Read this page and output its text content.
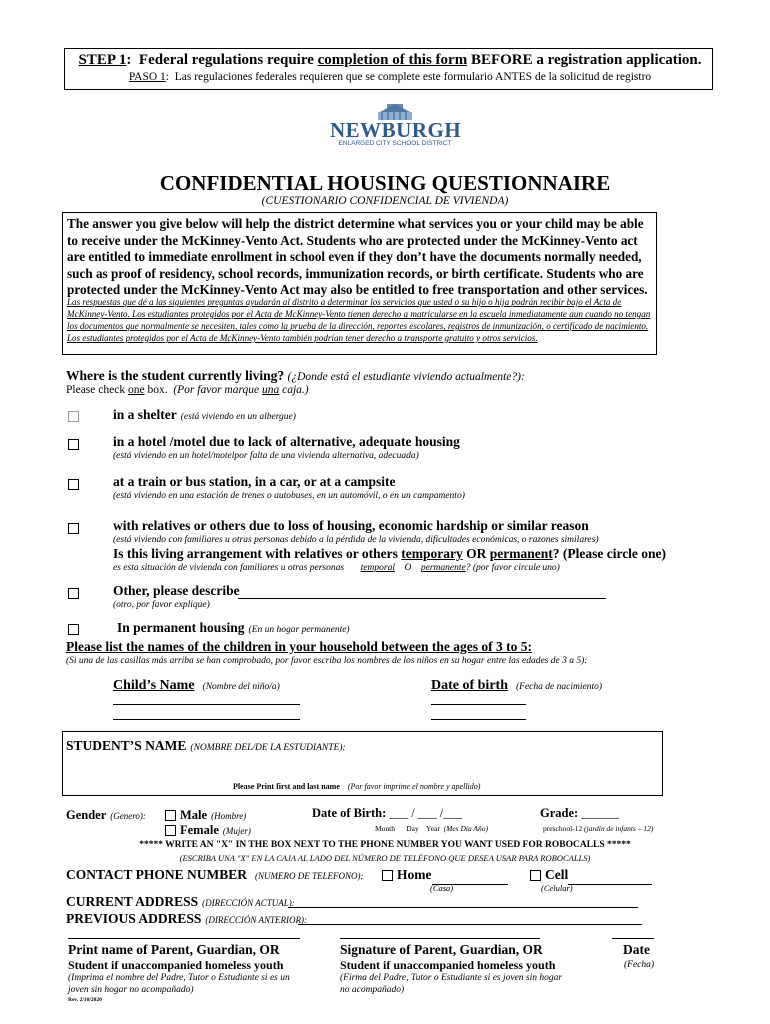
STEP 1:  Federal regulations require completion of this form BEFORE a registration application.
PASO 1:  Las regulaciones federales requieren que se complete este formulario ANTES de la solicitud de registro
NEWBURGH
ENLARGED CITY SCHOOL DISTRICT
CONFIDENTIAL HOUSING QUESTIONNAIRE
(CUESTIONARIO CONFIDENCIAL DE VIVIENDA)
The answer you give below will help the district determine what services you or your child may be able to receive under the McKinney-Vento Act. Students who are protected under the McKinney-Vento act are entitled to immediate enrollment in school even if they don’t have the documents normally needed, such as proof of residency, school records, immunization records, or birth certificate. Students who are protected under the McKinney-Vento Act may also be entitled to free transportation and other services.
Las respuestas que dé a las siguientes preguntas ayudarán al distrito a determinar los servicios que usted o su hijo o hija podrán recibir bajo el Acta de McKinney-Vento. Los estudiantes protegidos por el Acta de McKinney-Vento tienen derecho a matricularse en la escuela inmediatamente aun cuando no tengan los documentos que normalmente se necesiten, tales como la prueba de la dirección, reportes escolares, registros de inmunización, o certificado de nacimiento. Los estudiantes protegidos por el Acta de McKinney-Vento también podrían tener derecho a transporte gratuito y otros servicios.
Where is the student currently living? (¿Donde está el estudiante viviendo actualmente?):
Please check one box. (Por favor marque una caja.)
in a shelter (está viviendo en un albergue)
in a hotel /motel due to lack of alternative, adequate housing
(está viviendo en un hotel/motelpor falta de una vivienda alternativa, adecuada)
at a train or bus station, in a car, or at a campsite
(está viviendo en una estación de trenes o autobuses, en un automóvil, o en un campamento)
with relatives or others due to loss of housing, economic hardship or similar reason
(está viviendo con familiares u otras personas debido a la pérdida de la vivienda, dificultades económicas, o razones similares)
Is this living arrangement with relatives or others temporary OR permanent? (Please circle one)
es esta situación de vivienda con familiares u otras personas temporal O permanente? (por favor circule uno)
Other, please describe
(otro, por favor explique)
In permanent housing (En un hogar permanente)
Please list the names of the children in your household between the ages of 3 to 5:
(Si una de las casillas más arriba se han comprobado, por favor escriba los nombres de los niños en su hogar entre las edades de 3 a 5):
Child’s Name (Nombre del niño/a)	Date of birth (Fecha de nacimiento)
STUDENT’S NAME (NOMBRE DEL/DE LA ESTUDIANTE):
Please Print first and last name (Por favor imprime el nombre y apellido)
Gender (Genero):	Male (Hombre)
Female (Mujer)
Date of Birth: ___ / ___ /___
Month Day Year (Mes Día Año)
Grade: ______
preschool-12 (jardín de infants – 12)
***** WRITE AN "X" IN THE BOX NEXT TO THE PHONE NUMBER YOU WANT USED FOR ROBOCALLS *****
(ESCRIBA UNA "X" EN LA CAJA AL LADO DEL NÚMERO DE TELÉFONO QUE DESEA USAR PARA ROBOCALLS)
CONTACT PHONE NUMBER (NUMERO DE TELEFONO):	Home
(Casa)
Cell
(Celular)
CURRENT ADDRESS (DIRECCIÓN ACTUAL):
PREVIOUS ADDRESS (DIRECCIÓN ANTERIOR):
Print name of Parent, Guardian, OR
Student if unaccompanied homeless youth
(Imprima el nombre del Padre, Tutor o Estudiante si es un joven sin hogar no acompañado)
Signature of Parent, Guardian, OR
Student if unaccompanied homeless youth
(Firma del Padre, Tutor o Estudiante si es joven sin hogar no acompañado)
Date
(Fecha)
Rev. 2/10/2020
